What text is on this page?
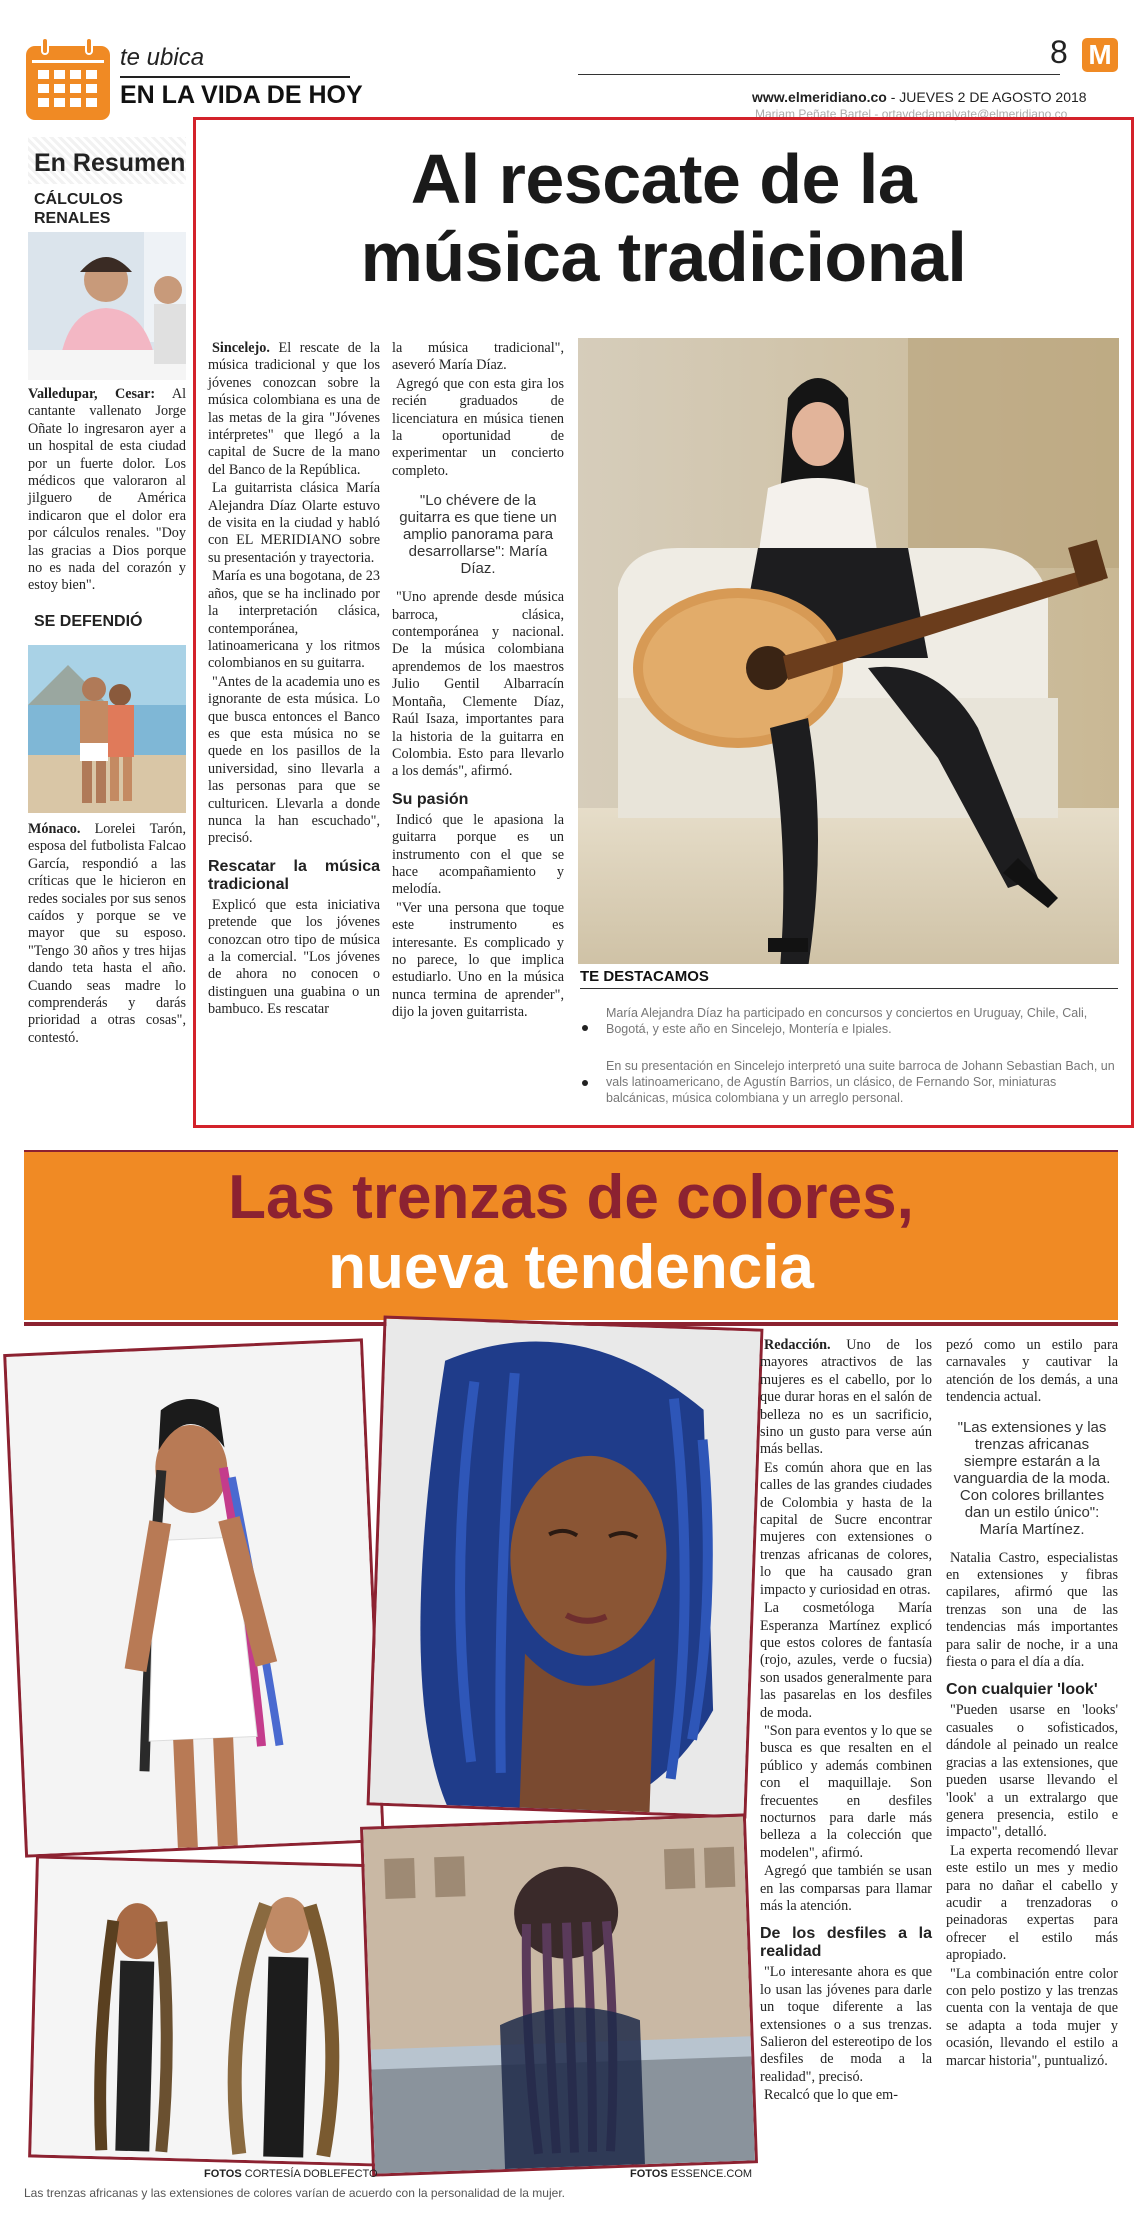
te ubica
EN LA VIDA DE HOY
8 M
www.elmeridiano.co - JUEVES 2 DE AGOSTO 2018
Mariam Peñate Bartel - ortavdedamalyate@elmeridiano.co
En Resumen
CÁLCULOS RENALES
Valledupar, Cesar: Al cantante vallenato Jorge Oñate lo ingresaron ayer a un hospital de esta ciudad por un fuerte dolor. Los médicos que valoraron al jilguero de América indicaron que el dolor era por cálculos renales. "Doy las gracias a Dios porque no es nada del corazón y estoy bien".
SE DEFENDIÓ
Mónaco. Lorelei Tarón, esposa del futbolista Falcao García, respondió a las críticas que le hicieron en redes sociales por sus senos caídos y porque se ve mayor que su esposo. "Tengo 30 años y tres hijas dando teta hasta el año. Cuando seas madre lo comprenderás y darás prioridad a otras cosas", contestó.
Al rescate de la
música tradicional

Sincelejo. El rescate de la música tradicional y que los jóvenes conozcan sobre la música colombiana es una de las metas de la gira "Jóvenes intérpretes" que llegó a la capital de Sucre de la mano del Banco de la República.

La guitarrista clásica María Alejandra Díaz Olarte estuvo de visita en la ciudad y habló con EL MERIDIANO sobre su presentación y trayectoria.

María es una bogotana, de 23 años, que se ha inclinado por la interpretación clásica, contemporánea, latinoamericana y los ritmos colombianos en su guitarra.

"Antes de la academia uno es ignorante de esta música. Lo que busca entonces el Banco es que esta música no se quede en los pasillos de la universidad, sino llevarla a las personas para que se culturicen. Llevarla a donde nunca la han escuchado", precisó.

Rescatar la música tradicional

Explicó que esta iniciativa pretende que los jóvenes conozcan otro tipo de música a la comercial. "Los jóvenes de ahora no conocen o distinguen una guabina o un bambuco. Es rescatar

la música tradicional", aseveró María Díaz.

Agregó que con esta gira los recién graduados de licenciatura en música tienen la oportunidad de experimentar un concierto completo.

"Lo chévere de la guitarra es que tiene un amplio panorama para desarrollarse": María Díaz.

"Uno aprende desde música barroca, clásica, contemporánea y nacional. De la música colombiana aprendemos de los maestros Julio Gentil Albarracín Montaña, Clemente Díaz, Raúl Isaza, importantes para la historia de la guitarra en Colombia. Esto para llevarlo a los demás", afirmó.

Su pasión

Indicó que le apasiona la guitarra porque es un instrumento con el que se hace acompañamiento y melodía.

"Ver una persona que toque este instrumento es interesante. Es complicado y no parece, lo que implica estudiarlo. Uno en la música nunca termina de aprender", dijo la joven guitarrista.

TE DESTACAMOS
María Alejandra Díaz ha participado en concursos y conciertos en Uruguay, Chile, Cali, Bogotá, y este año en Sincelejo, Montería e Ipiales.
En su presentación en Sincelejo interpretó una suite barroca de Johann Sebastian Bach, un vals latinoamericano, de Agustín Barrios, un clásico, de Fernando Sor, miniaturas balcánicas, música colombiana y un arreglo personal.
Las trenzas de colores,
nueva tendencia

Redacción. Uno de los mayores atractivos de las mujeres es el cabello, por lo que durar horas en el salón de belleza no es un sacrificio, sino un gusto para verse aún más bellas.

Es común ahora que en las calles de las grandes ciudades de Colombia y hasta de la capital de Sucre encontrar mujeres con extensiones o trenzas africanas de colores, lo que ha causado gran impacto y curiosidad en otras.

La cosmetóloga María Esperanza Martínez explicó que estos colores de fantasía (rojo, azules, verde o fucsia) son usados generalmente para las pasarelas en los desfiles de moda.

"Son para eventos y lo que se busca es que resalten en el público y además combinen con el maquillaje. Son frecuentes en desfiles nocturnos para darle más belleza a la colección que modelen", afirmó.

Agregó que también se usan en las comparsas para llamar más la atención.

De los desfiles a la realidad

"Lo interesante ahora es que lo usan las jóvenes para darle un toque diferente a las extensiones o a sus trenzas. Salieron del estereotipo de los desfiles de moda a la realidad", precisó.

Recalcó que lo que em-

pezó como un estilo para carnavales y cautivar la atención de los demás, a una tendencia actual.

"Las extensiones y las trenzas africanas siempre estarán a la vanguardia de la moda. Con colores brillantes dan un estilo único": María Martínez.

Natalia Castro, especialistas en extensiones y fibras capilares, afirmó que las trenzas son una de las tendencias más importantes para salir de noche, ir a una fiesta o para el día a día.

Con cualquier 'look'

"Pueden usarse en 'looks' casuales o sofisticados, dándole al peinado un realce gracias a las extensiones, que pueden usarse llevando el 'look' a un extralargo que genera presencia, estilo e impacto", detalló.

La experta recomendó llevar este estilo un mes y medio para no dañar el cabello y acudir a trenzadoras o peinadoras expertas para ofrecer el estilo más apropiado.

"La combinación entre color con pelo postizo y las trenzas cuenta con la ventaja de que se adapta a toda mujer y ocasión, llevando el estilo a marcar historia", puntualizó.

FOTOS CORTESÍA DOBLEFECTO	FOTOS ESSENCE.COM
Las trenzas africanas y las extensiones de colores varían de acuerdo con la personalidad de la mujer.
